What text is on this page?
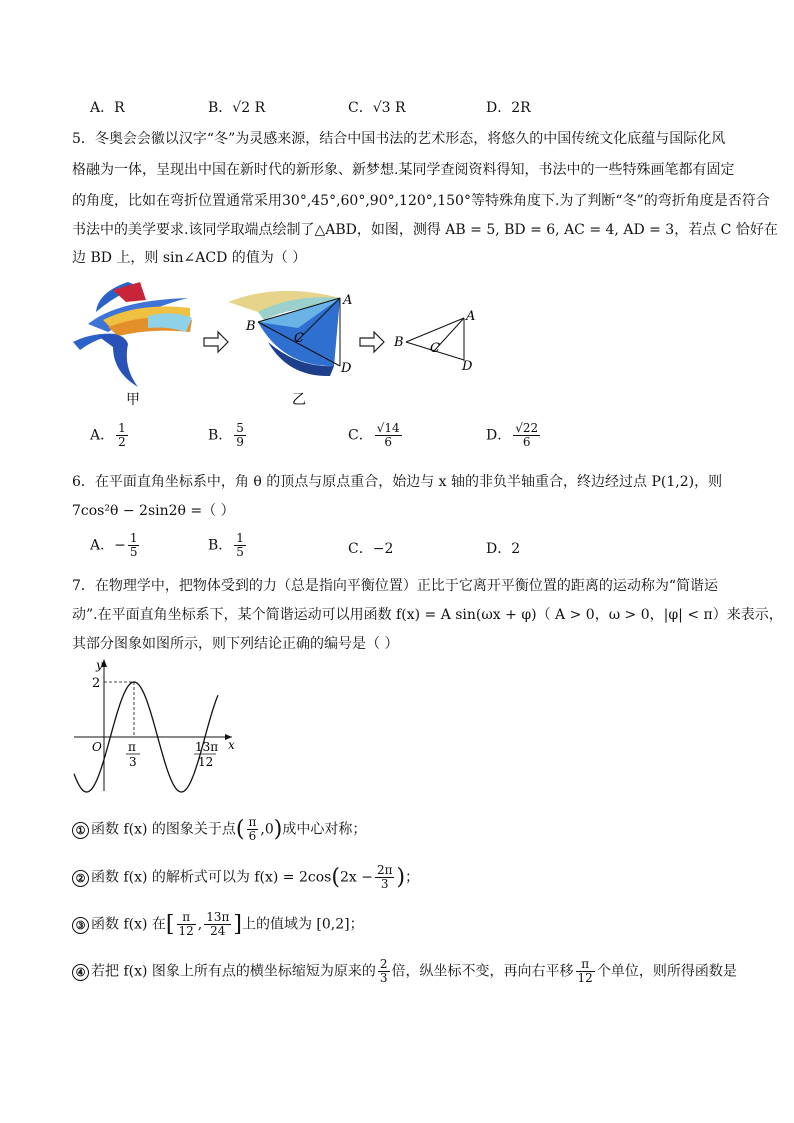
A．R	B．√2 R	C．√3 R	D．2R
5．冬奥会会徽以汉字“冬”为灵感来源，结合中国书法的艺术形态，将悠久的中国传统文化底蕴与国际化风
格融为一体，呈现出中国在新时代的新形象、新梦想.某同学查阅资料得知，书法中的一些特殊画笔都有固定
的角度，比如在弯折位置通常采用30°,45°,60°,90°,120°,150°等特殊角度下.为了判断“冬”的弯折角度是否符合
书法中的美学要求.该同学取端点绘制了△ABD，如图，测得 AB = 5, BD = 6, AC = 4, AD = 3，若点 C 恰好在
边 BD 上，则 sin∠ACD 的值为（ ）
甲
A
B
C
D
乙
A
B C
D
A． $\frac{1}{2}$	B． $\frac{5}{9}$	C． $\frac{√14}{6}$	D． $\frac{√22}{6}$
6．在平面直角坐标系中，角 θ 的顶点与原点重合，始边与 x 轴的非负半轴重合，终边经过点 P(1,2)，则
7cos²θ − 2sin2θ =（ ）
A．− $\frac{1}{5}$	B． $\frac{1}{5}$	C．−2	D．2
7．在物理学中，把物体受到的力（总是指向平衡位置）正比于它离开平衡位置的距离的运动称为“简谐运
动”.在平面直角坐标系下，某个简谐运动可以用函数 f(x) = A sin(ωx + φ)（ A > 0，ω > 0，|φ| < π）来表示，
其部分图象如图所示，则下列结论正确的编号是（ ）
y
x
O
2
π
3
13π
12
① 函数 f(x) 的图象关于点( $\frac{\pi}{6} ,0$)成中心对称；
② 函数 f(x) 的解析式可以为 $f(x) = 2\cos(2x - \frac{2\pi}{3}$ )；
③ 函数 f(x) 在[ $\frac{\pi}{12}$ , $\frac{13\pi}{24}$ ]上的值域为 [0,2]；
④ 若把 f(x) 图象上所有点的横坐标缩短为原来的 $\frac{2}{3}$ 倍，纵坐标不变，再向右平移 $\frac{\pi}{12}$ 个单位，则所得函数是
